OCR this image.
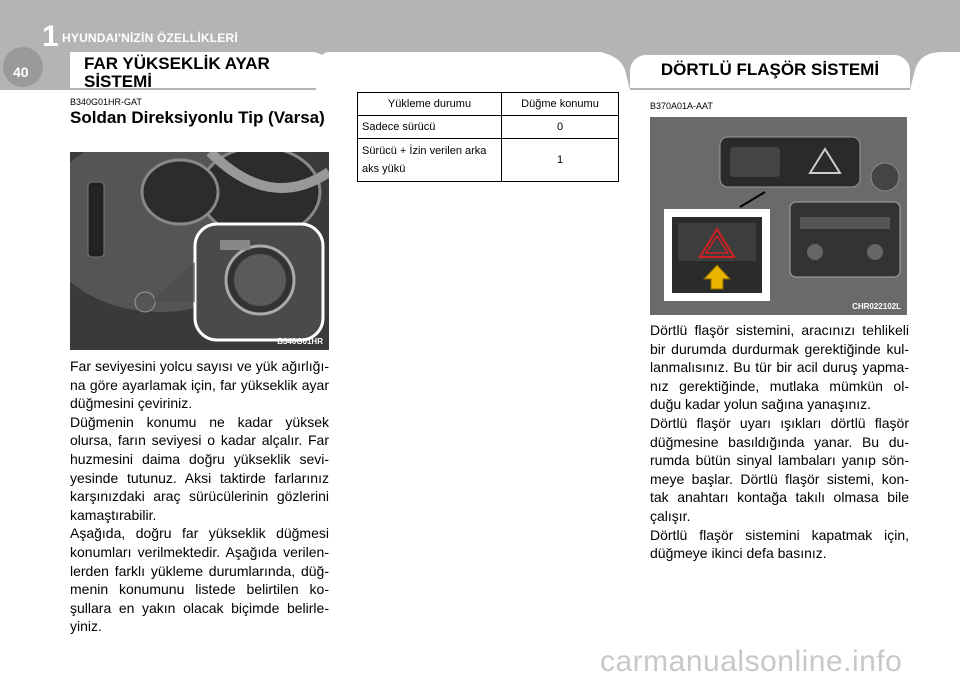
1 HYUNDAI'NİZİN ÖZELLİKLERİ
40	FAR YÜKSEKLİK AYAR SİSTEMİ
DÖRTLÜ FLAŞÖR SİSTEMİ
B340G01HR-GAT
Soldan Direksiyonlu Tip (Varsa)
B340G01HR

Far seviyesini yolcu sayısı ve yük ağırlığı-na göre ayarlamak için, far yükseklik ayar düğmesini çeviriniz.

Düğmenin konumu ne kadar yüksek olursa, farın seviyesi o kadar alçalır. Far huzmesini daima doğru yükseklik sevi-yesinde tutunuz. Aksi taktirde farlarınız karşınızdaki araç sürücülerinin gözlerini kamaştırabilir.

Aşağıda, doğru far yükseklik düğmesi konumları verilmektedir. Aşağıda verilen-lerden farklı yükleme durumlarında, düğ-menin konumunu listede belirtilen ko-şullara en yakın olacak biçimde belirle-yiniz.

Yükleme durumu	Düğme konumu
Sadece sürücü	0
Sürücü + İzin verilen arka aks yükü	1
B370A01A-AAT
CHR022102L

Dörtlü flaşör sistemini, aracınızı tehlikeli bir durumda durdurmak gerektiğinde kul-lanmalısınız. Bu tür bir acil duruş yapma-nız gerektiğinde, mutlaka mümkün ol-duğu kadar yolun sağına yanaşınız.

Dörtlü flaşör uyarı ışıkları dörtlü flaşör düğmesine basıldığında yanar. Bu du-rumda bütün sinyal lambaları yanıp sön-meye başlar. Dörtlü flaşör sistemi, kon-tak anahtarı kontağa takılı olmasa bile çalışır.

Dörtlü flaşör sistemini kapatmak için, düğmeye ikinci defa basınız.

carmanualsonline.info
